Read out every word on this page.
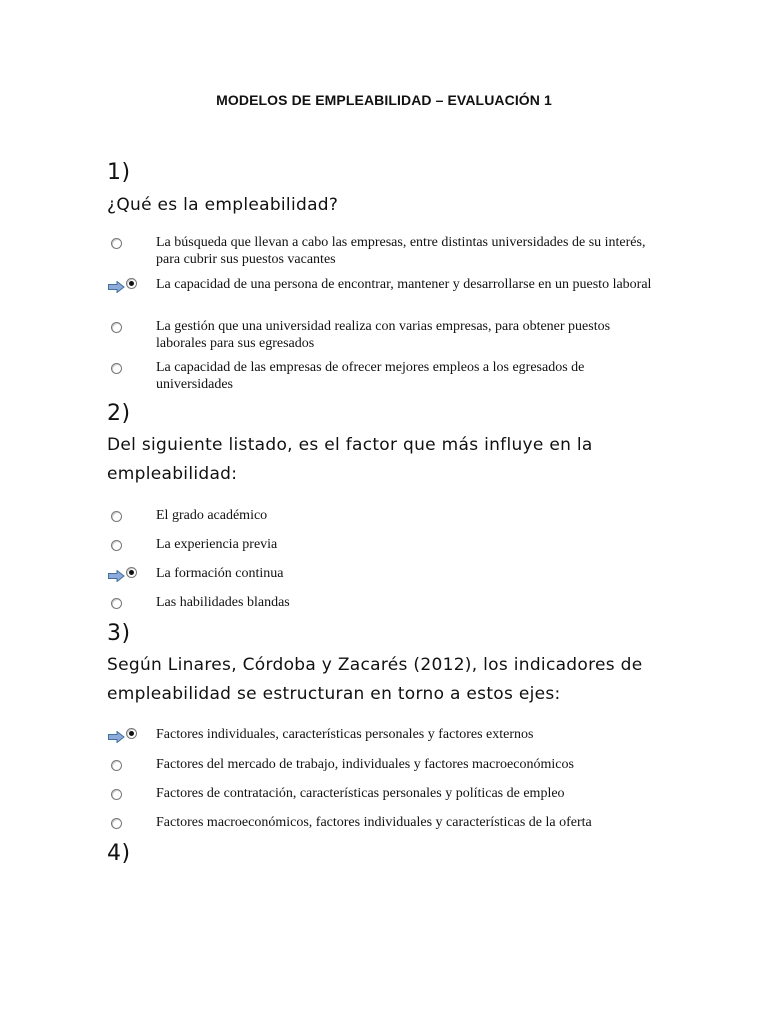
MODELOS DE EMPLEABILIDAD – EVALUACIÓN 1
1)
¿Qué es la empleabilidad?
La búsqueda que llevan a cabo las empresas, entre distintas universidades de su interés, para cubrir sus puestos vacantes
La capacidad de una persona de encontrar, mantener y desarrollarse en un puesto laboral
La gestión que una universidad realiza con varias empresas, para obtener puestos laborales para sus egresados
La capacidad de las empresas de ofrecer mejores empleos a los egresados de universidades
2)
Del siguiente listado, es el factor que más influye en la empleabilidad:
El grado académico
La experiencia previa
La formación continua
Las habilidades blandas
3)
Según Linares, Córdoba y Zacarés (2012), los indicadores de empleabilidad se estructuran en torno a estos ejes:
Factores individuales, características personales y factores externos
Factores del mercado de trabajo, individuales y factores macroeconómicos
Factores de contratación, características personales y políticas de empleo
Factores macroeconómicos, factores individuales y características de la oferta
4)
